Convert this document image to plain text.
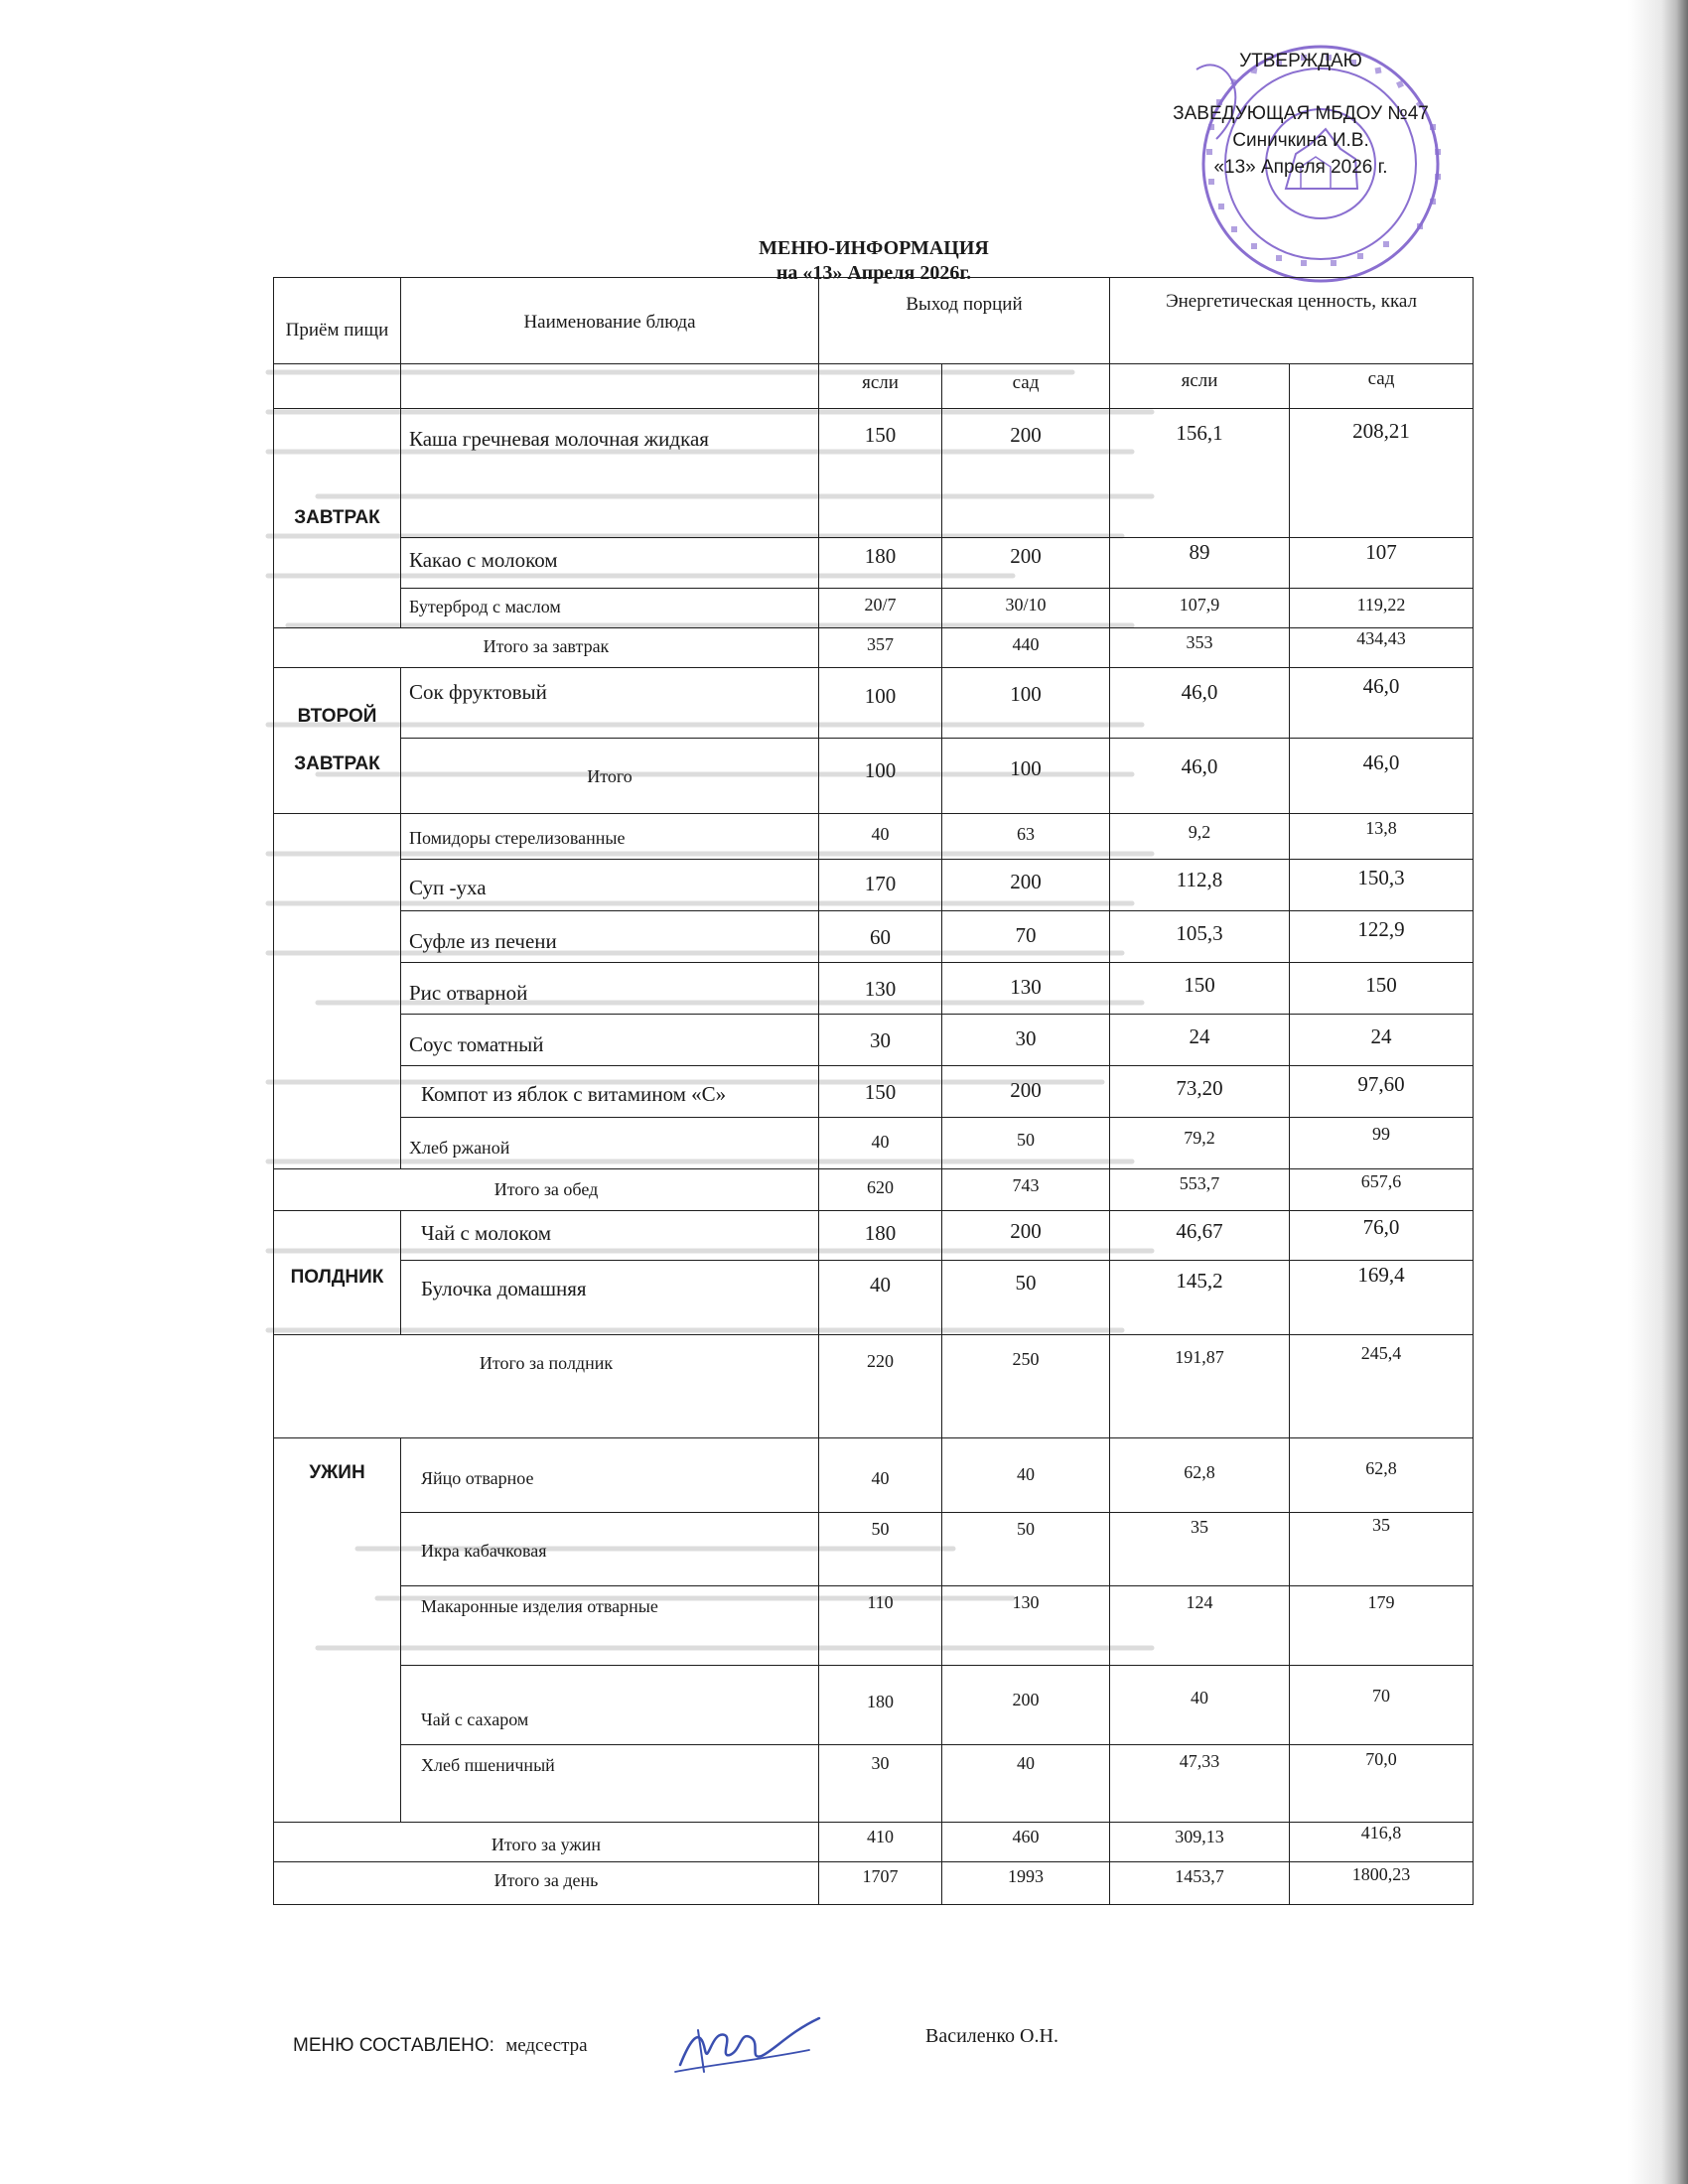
УТВЕРЖДАЮ
ЗАВЕДУЮЩАЯ МБДОУ №47
Синичкина И.В.
«13» Апреля 2026 г.
МЕНЮ-ИНФОРМАЦИЯ
на «13» Апреля 2026г.
Приём пищи	Наименование блюда	Выход порций		Энергетическая ценность, ккал	
		ясли	сад	ясли	сад
ЗАВТРАК	Каша гречневая молочная жидкая	150	200	156,1	208,21
	Какао с молоком	180	200	89	107
	Бутерброд с маслом	20/7	30/10	107,9	119,22
Итого за завтрак		357	440	353	434,43

ВТОРОЙ
ЗАВТРАК	Сок фруктовый	100	100	46,0	46,0
	Итого	100	100	46,0	46,0
	Помидоры стерелизованные	40	63	9,2	13,8
	Суп -уха	170	200	112,8	150,3
	Суфле из печени	60	70	105,3	122,9
	Рис отварной	130	130	150	150
	Соус томатный	30	30	24	24
	Компот из яблок с витамином «С»	150	200	73,20	97,60
	Хлеб ржаной	40	50	79,2	99
Итого за обед		620	743	553,7	657,6
ПОЛДНИК	Чай с молоком	180	200	46,67	76,0
	Булочка домашняя	40	50	145,2	169,4
Итого за полдник		220	250	191,87	245,4
УЖИН	Яйцо отварное	40	40	62,8	62,8
	Икра кабачковая	50	50	35	35
	Макаронные изделия отварные	110	130	124	179
	Чай с сахаром	180	200	40	70
	Хлеб пшеничный	30	40	47,33	70,0
Итого за ужин		410	460	309,13	416,8
Итого за день		1707	1993	1453,7	1800,23
МЕНЮ СОСТАВЛЕНО: медсестра	Василенко О.Н.
